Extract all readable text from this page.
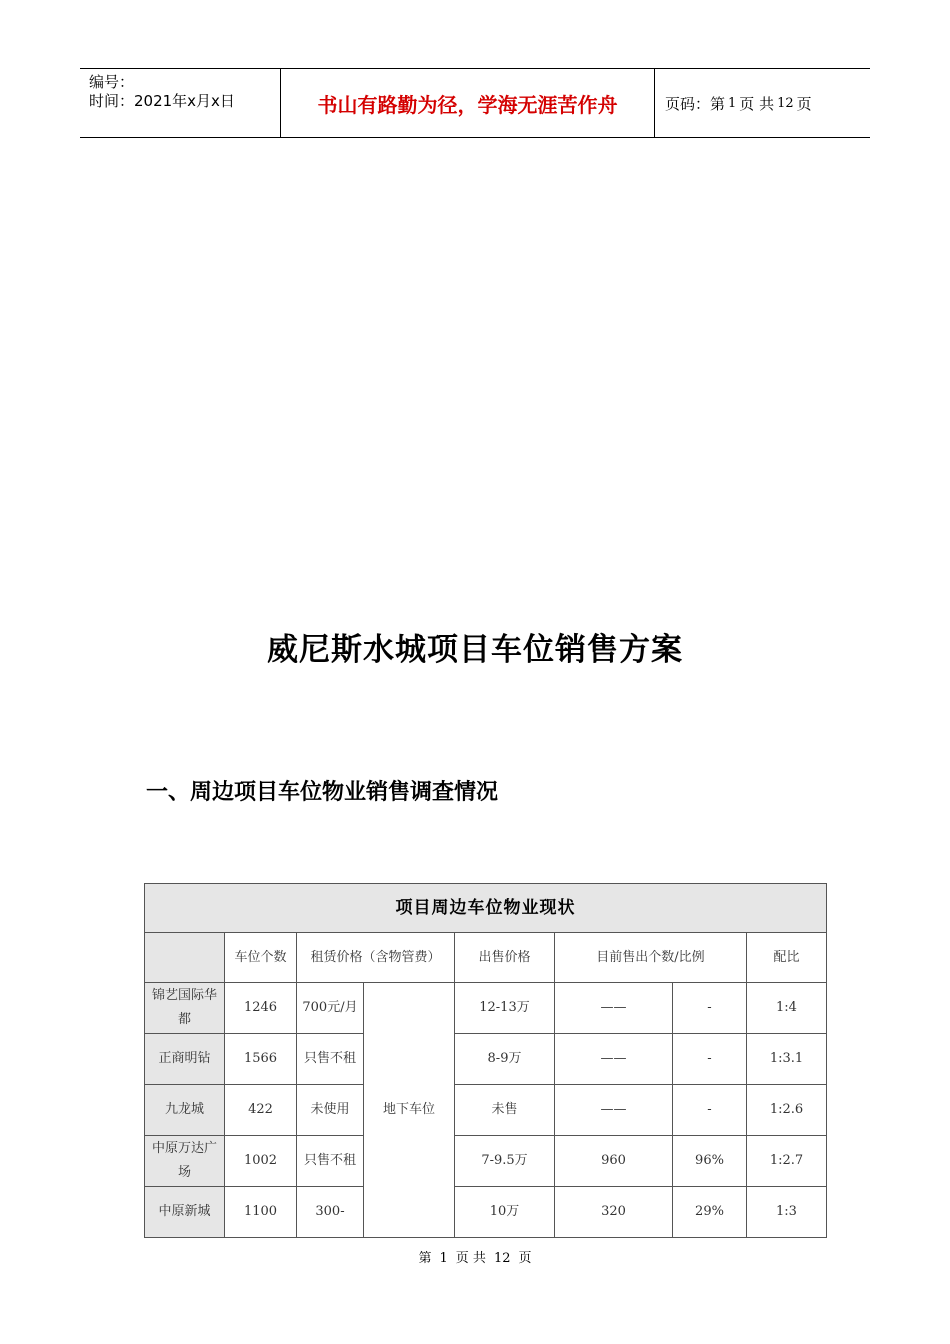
编号：
时间：2021年x月x日	书山有路勤为径，学海无涯苦作舟	页码：第 1 页 共 12 页
威尼斯水城项目车位销售方案
一、周边项目车位物业销售调查情况
项目周边车位物业现状							
	车位个数	租赁价格（含物管费）		出售价格	目前售出个数/比例		配比
锦艺国际华都	1246	700元/月	地下车位	12-13万	——	-	1:4
正商明钻	1566	只售不租		8-9万	——	-	1:3.1
九龙城	422	未使用		未售	——	-	1:2.6
中原万达广场	1002	只售不租		7-9.5万	960	96%	1:2.7
中原新城	1100	300-		10万	320	29%	1:3
第 1 页 共 12 页
